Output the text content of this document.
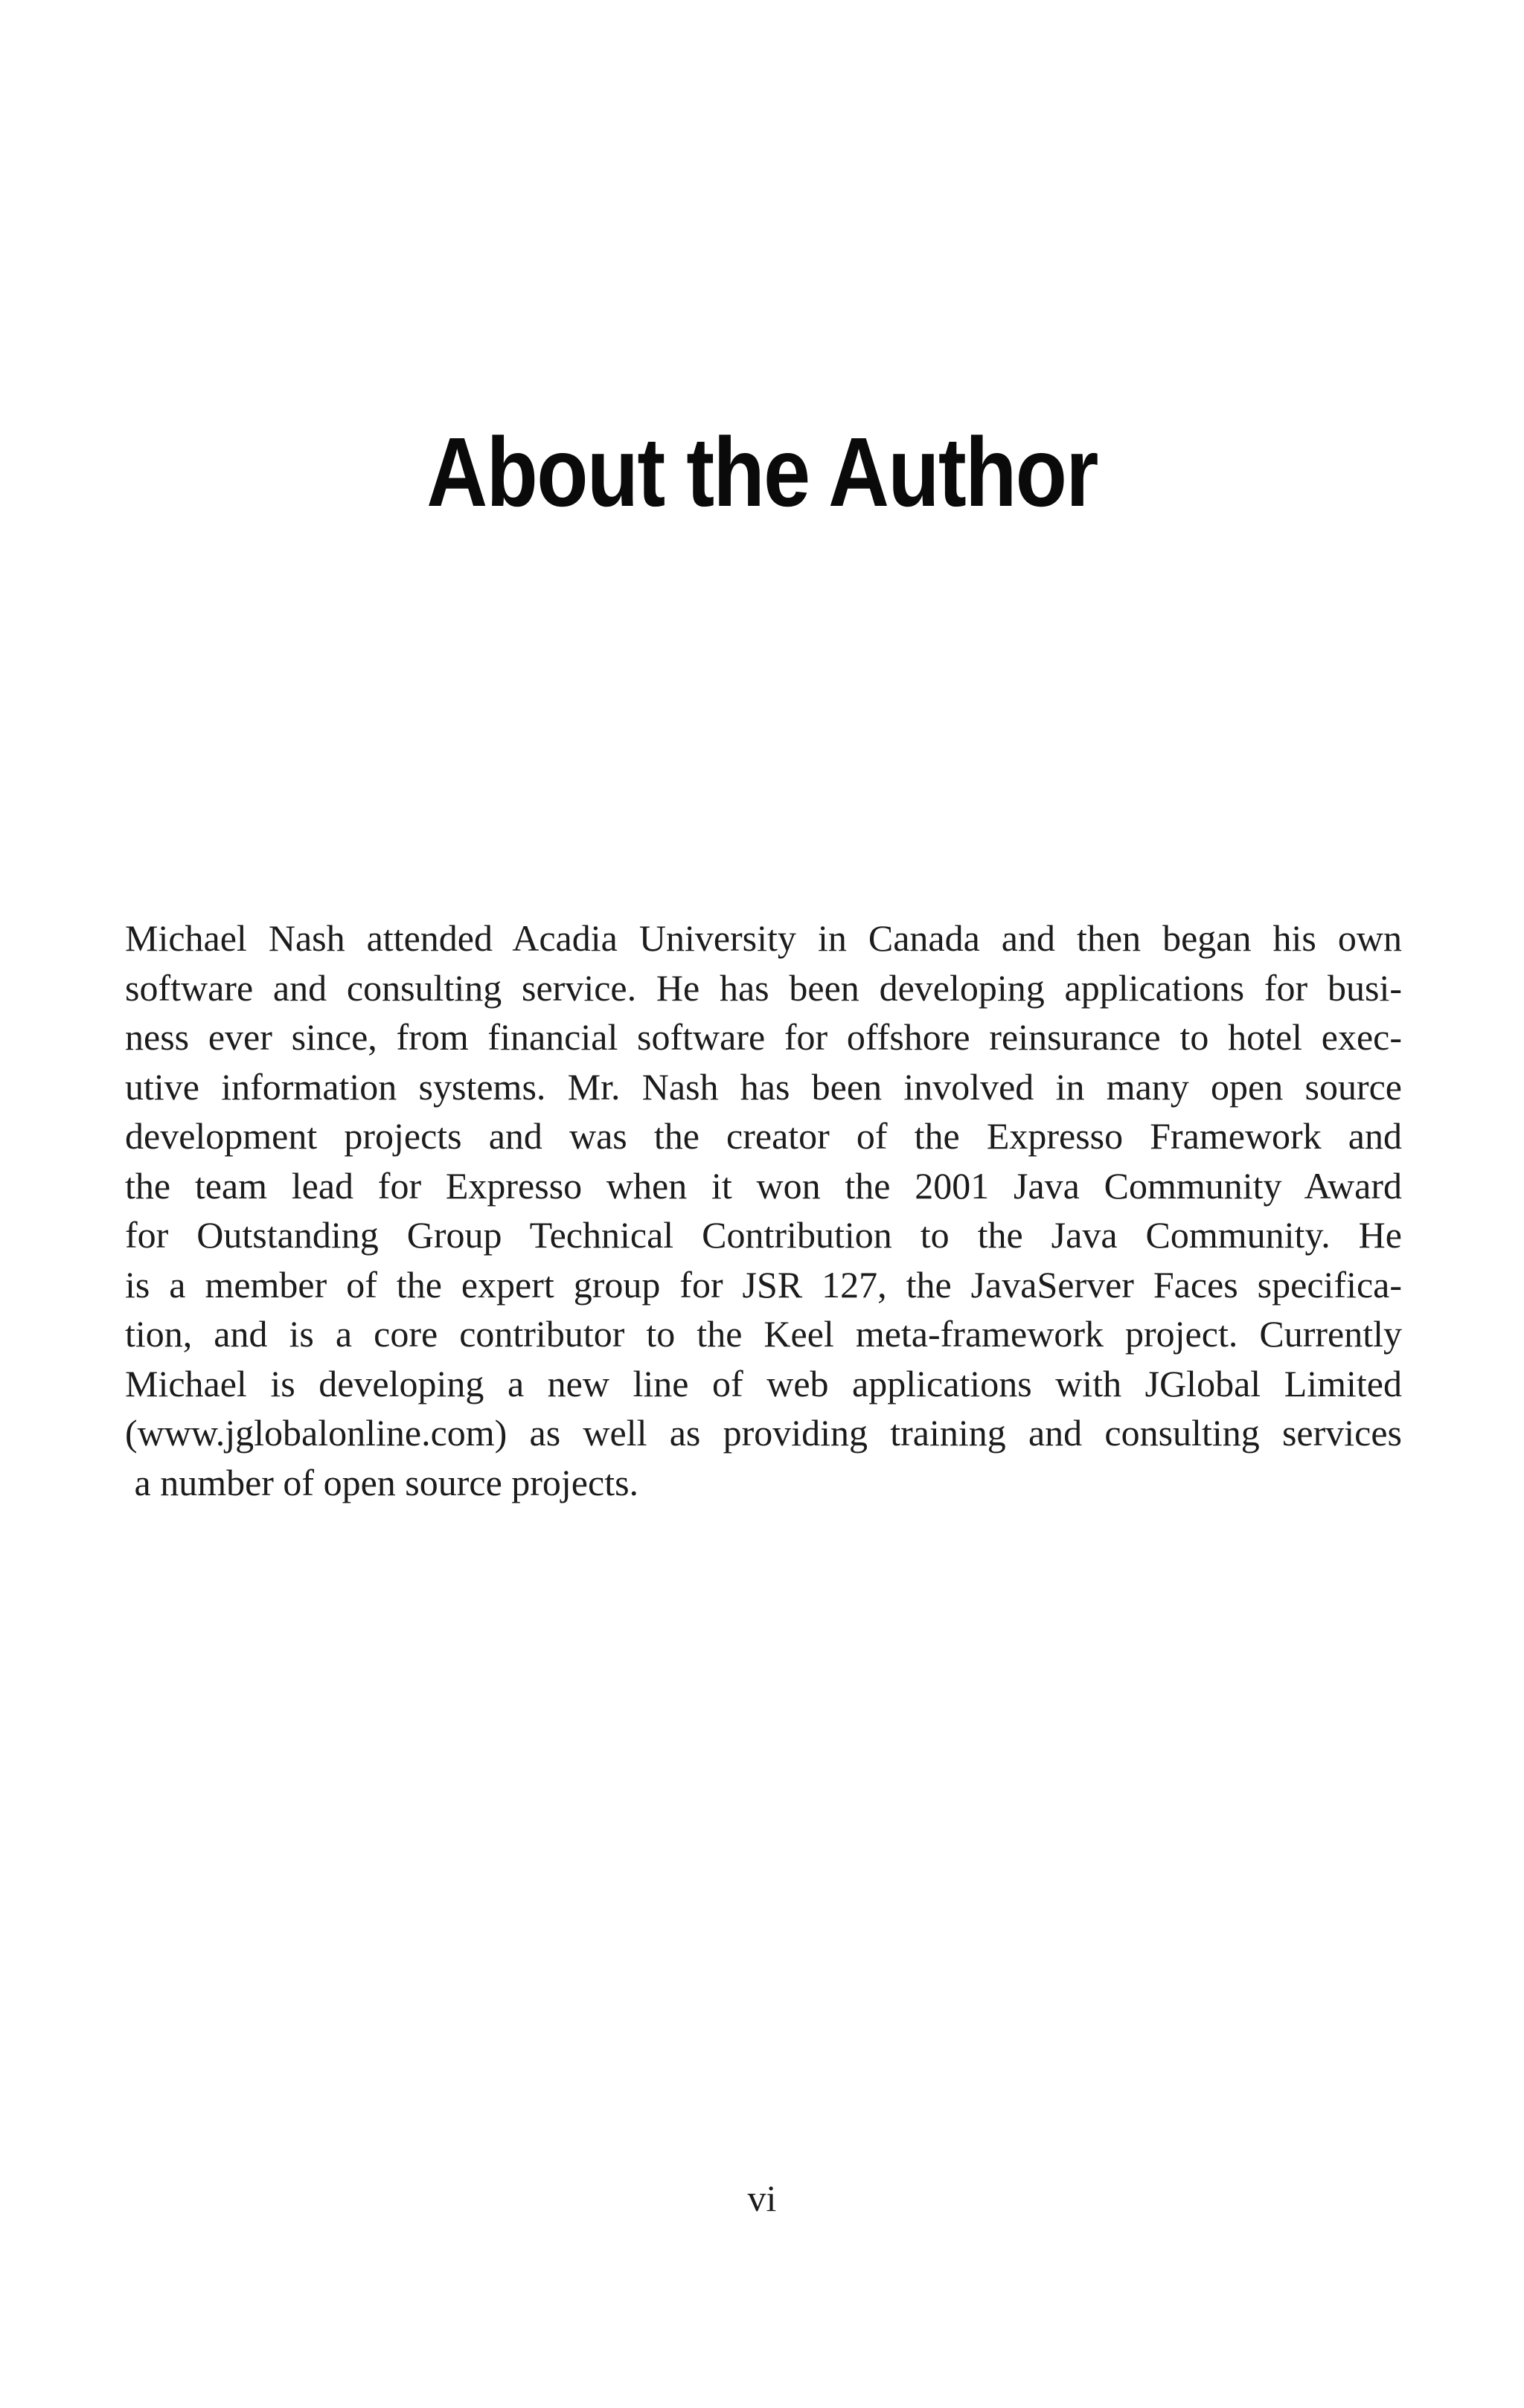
About the Author
Michael Nash attended Acadia University in Canada and then began his own
software and consulting service. He has been developing applications for busi-
ness ever since, from financial software for offshore reinsurance to hotel exec-
utive information systems. Mr. Nash has been involved in many open source
development projects and was the creator of the Expresso Framework and
the team lead for Expresso when it won the 2001 Java Community Award
for Outstanding Group Technical Contribution to the Java Community. He
is a member of the expert group for JSR 127, the JavaServer Faces specifica-
tion, and is a core contributor to the Keel meta-framework project. Currently
Michael is developing a new line of web applications with JGlobal Limited
(www.jglobalonline.com) as well as providing training and consulting services
a number of open source projects.
vi
